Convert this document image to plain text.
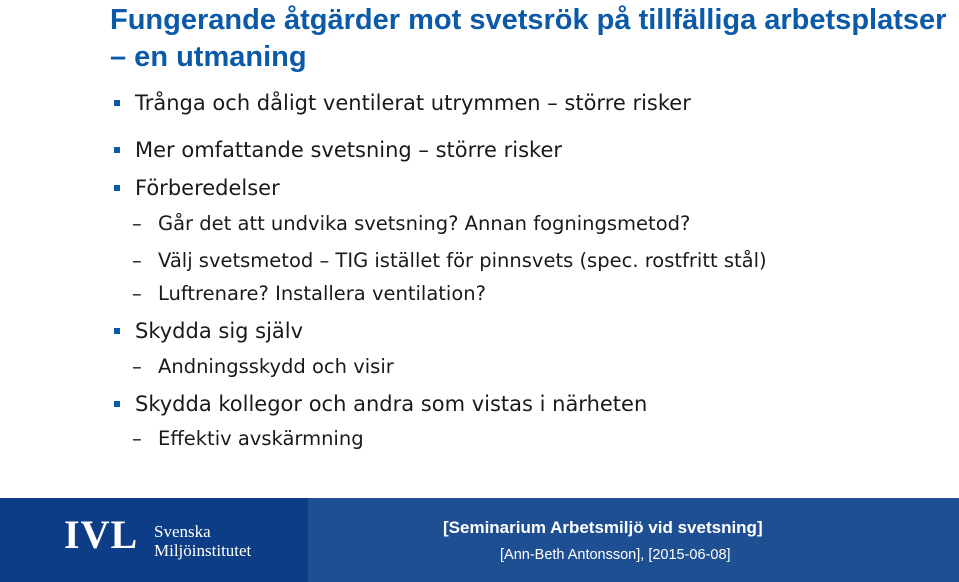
Fungerande åtgärder mot svetsrök på tillfälliga arbetsplatser – en utmaning
Trånga och dåligt ventilerat utrymmen – större risker
Mer omfattande svetsning – större risker
Förberedelser
– Går det att undvika svetsning? Annan fogningsmetod?
– Välj svetsmetod – TIG istället för pinnsvets (spec. rostfritt stål)
– Luftrenare? Installera ventilation?
Skydda sig själv
– Andningsskydd och visir
Skydda kollegor och andra som vistas i närheten
– Effektiv avskärmning
IVL Svenska
Miljöinstitutet
[Seminarium Arbetsmiljö vid svetsning]
[Ann-Beth Antonsson], [2015-06-08]
